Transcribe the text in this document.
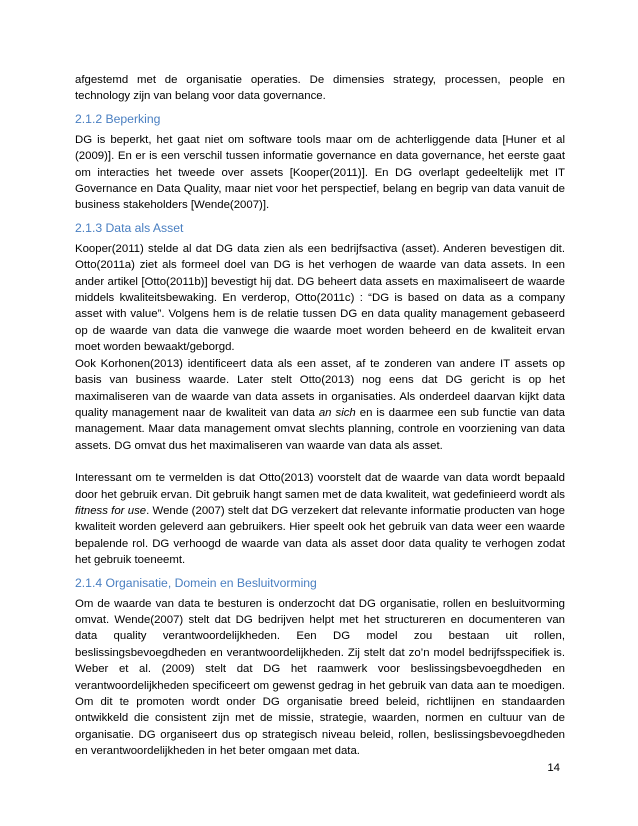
afgestemd met de organisatie operaties. De dimensies strategy, processen, people en technology zijn van belang voor data governance.

2.1.2 Beperking

DG is beperkt, het gaat niet om software tools maar om de achterliggende data [Huner et al (2009)]. En er is een verschil tussen informatie governance en data governance, het eerste gaat om interacties het tweede over assets [Kooper(2011)]. En DG overlapt gedeeltelijk met IT Governance en Data Quality, maar niet voor het perspectief, belang en begrip van data vanuit de business stakeholders [Wende(2007)].

2.1.3 Data als Asset

Kooper(2011) stelde al dat DG data zien als een bedrijfsactiva (asset). Anderen bevestigen dit. Otto(2011a) ziet als formeel doel van DG is het verhogen de waarde van data assets. In een ander artikel [Otto(2011b)] bevestigt hij dat. DG beheert data assets en maximaliseert de waarde middels kwaliteitsbewaking. En verderop, Otto(2011c) : “DG is based on data as a company asset with value”. Volgens hem is de relatie tussen DG en data quality management gebaseerd op de waarde van data die vanwege die waarde moet worden beheerd en de kwaliteit ervan moet worden bewaakt/geborgd.

Ook Korhonen(2013) identificeert data als een asset, af te zonderen van andere IT assets op basis van business waarde. Later stelt Otto(2013) nog eens dat DG gericht is op het maximaliseren van de waarde van data assets in organisaties. Als onderdeel daarvan kijkt data quality management naar de kwaliteit van data an sich en is daarmee een sub functie van data management. Maar data management omvat slechts planning, controle en voorziening van data assets. DG omvat dus het maximaliseren van waarde van data als asset.

Interessant om te vermelden is dat Otto(2013) voorstelt dat de waarde van data wordt bepaald door het gebruik ervan. Dit gebruik hangt samen met de data kwaliteit, wat gedefinieerd wordt als fitness for use. Wende (2007) stelt dat DG verzekert dat relevante informatie producten van hoge kwaliteit worden geleverd aan gebruikers. Hier speelt ook het gebruik van data weer een waarde bepalende rol. DG verhoogd de waarde van data als asset door data quality te verhogen zodat het gebruik toeneemt.

2.1.4 Organisatie, Domein en Besluitvorming

Om de waarde van data te besturen is onderzocht dat DG organisatie, rollen en besluitvorming omvat. Wende(2007) stelt dat DG bedrijven helpt met het structureren en documenteren van data quality verantwoordelijkheden. Een DG model zou bestaan uit rollen, beslissingsbevoegdheden en verantwoordelijkheden. Zij stelt dat zo’n model bedrijfsspecifiek is. Weber et al. (2009) stelt dat DG het raamwerk voor beslissingsbevoegdheden en verantwoordelijkheden specificeert om gewenst gedrag in het gebruik van data aan te moedigen. Om dit te promoten wordt onder DG organisatie breed beleid, richtlijnen en standaarden ontwikkeld die consistent zijn met de missie, strategie, waarden, normen en cultuur van de organisatie. DG organiseert dus op strategisch niveau beleid, rollen, beslissingsbevoegdheden en verantwoordelijkheden in het beter omgaan met data.

14
